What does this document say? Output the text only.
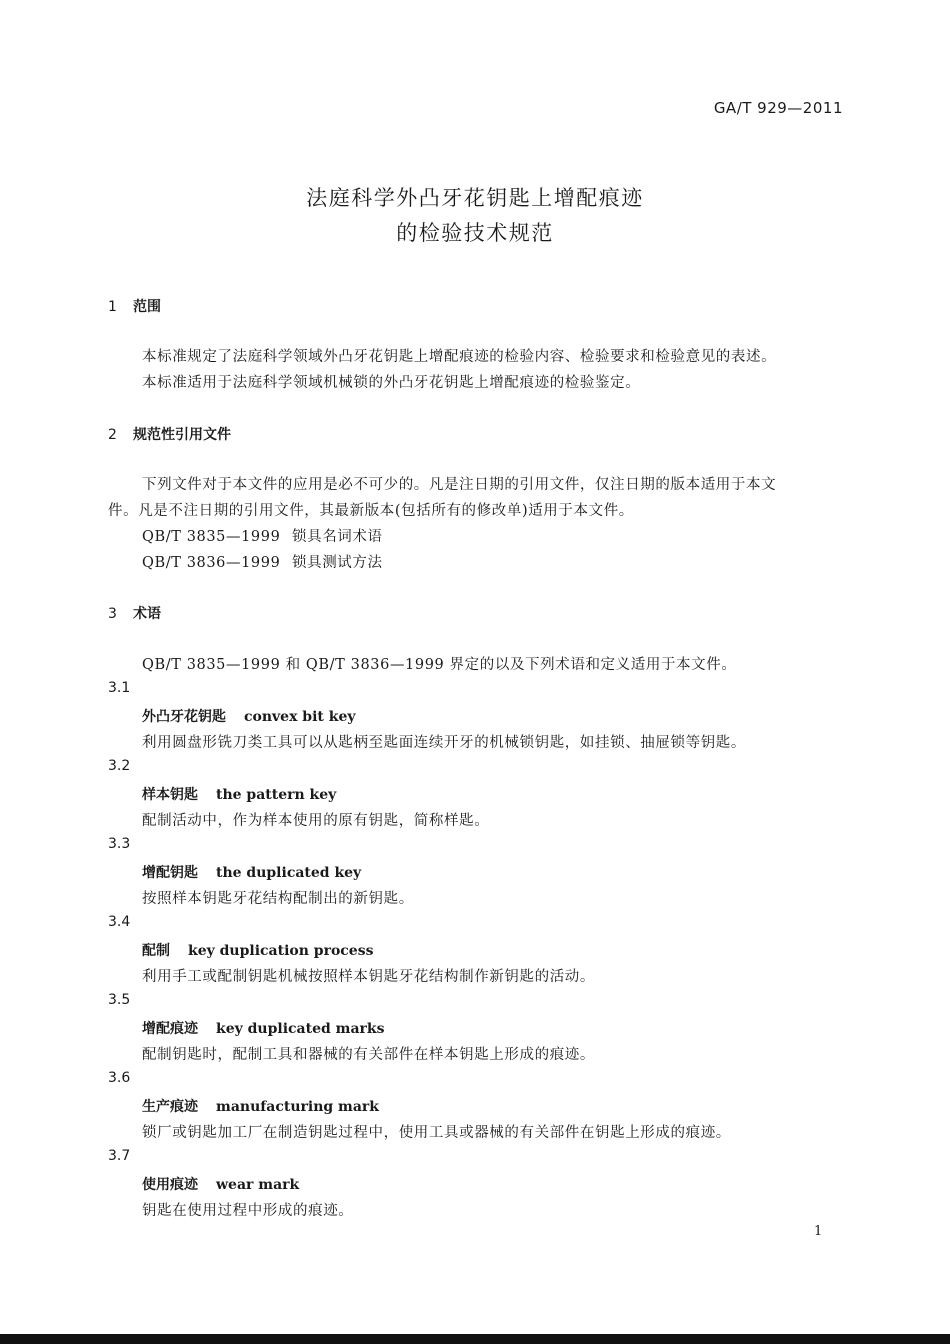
GA/T 929—2011
法庭科学外凸牙花钥匙上增配痕迹
的检验技术规范
1 范围
本标准规定了法庭科学领域外凸牙花钥匙上增配痕迹的检验内容、检验要求和检验意见的表述。
本标准适用于法庭科学领域机械锁的外凸牙花钥匙上增配痕迹的检验鉴定。
2 规范性引用文件
下列文件对于本文件的应用是必不可少的。凡是注日期的引用文件，仅注日期的版本适用于本文
件。凡是不注日期的引用文件，其最新版本(包括所有的修改单)适用于本文件。
QB/T 3835—1999 锁具名词术语
QB/T 3836—1999 锁具测试方法
3 术语
QB/T 3835—1999 和 QB/T 3836—1999 界定的以及下列术语和定义适用于本文件。
3.1
外凸牙花钥匙 convex bit key
利用圆盘形铣刀类工具可以从匙柄至匙面连续开牙的机械锁钥匙，如挂锁、抽屉锁等钥匙。
3.2
样本钥匙 the pattern key
配制活动中，作为样本使用的原有钥匙，简称样匙。
3.3
增配钥匙 the duplicated key
按照样本钥匙牙花结构配制出的新钥匙。
3.4
配制 key duplication process
利用手工或配制钥匙机械按照样本钥匙牙花结构制作新钥匙的活动。
3.5
增配痕迹 key duplicated marks
配制钥匙时，配制工具和器械的有关部件在样本钥匙上形成的痕迹。
3.6
生产痕迹 manufacturing mark
锁厂或钥匙加工厂在制造钥匙过程中，使用工具或器械的有关部件在钥匙上形成的痕迹。
3.7
使用痕迹 wear mark
钥匙在使用过程中形成的痕迹。
1
